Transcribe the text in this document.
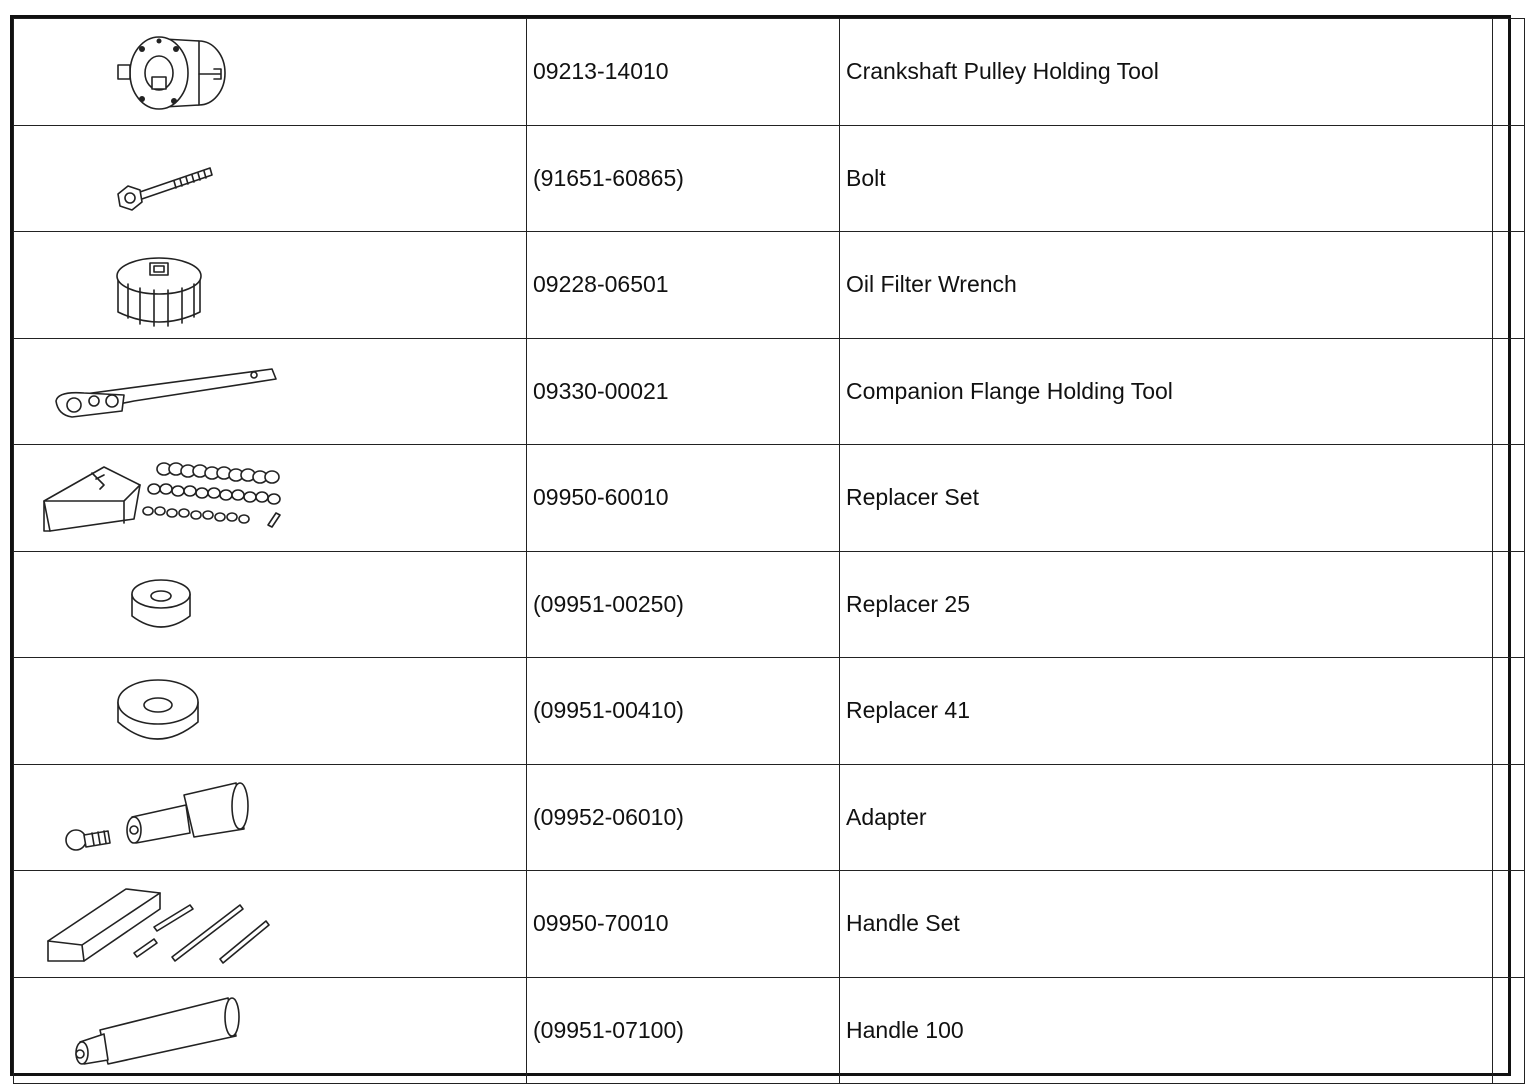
	09213-14010	Crankshaft Pulley Holding Tool	

	(91651-60865)	Bolt	

	09228-06501	Oil Filter Wrench	

	09330-00021	Companion Flange Holding Tool	

	09950-60010	Replacer Set	

	(09951-00250)	Replacer 25	

	(09951-00410)	Replacer 41	

	(09952-06010)	Adapter	

	09950-70010	Handle Set	

	(09951-07100)	Handle 100	
